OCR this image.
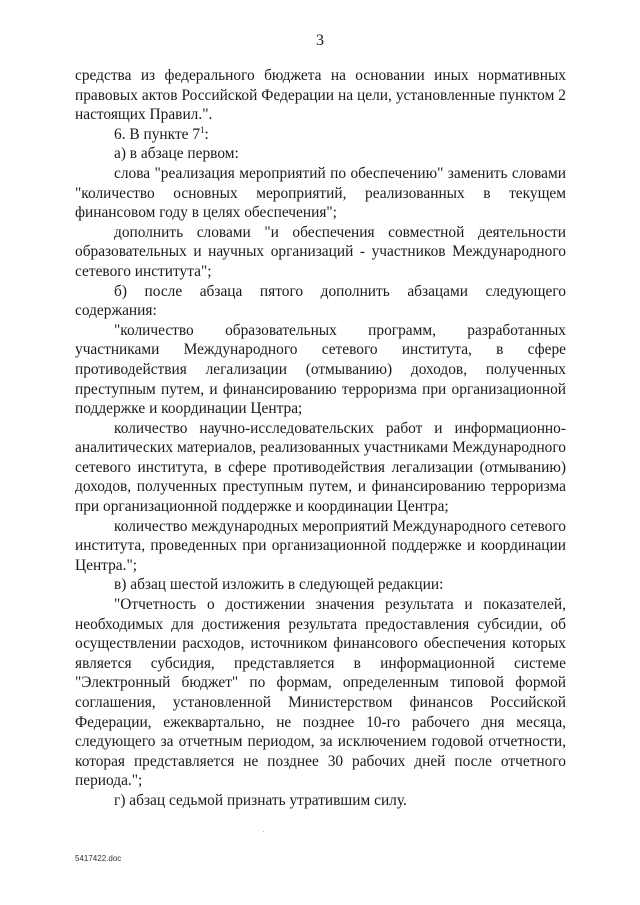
3

средства из федерального бюджета на основании иных нормативных правовых актов Российской Федерации на цели, установленные пунктом 2 настоящих Правил.".

6. В пункте $7^1$:

а) в абзаце первом:

слова "реализация мероприятий по обеспечению" заменить словами "количество основных мероприятий, реализованных в текущем финансовом году в целях обеспечения";

дополнить словами "и обеспечения совместной деятельности образовательных и научных организаций - участников Международного сетевого института";

б) после абзаца пятого дополнить абзацами следующего содержания:

"количество образовательных программ, разработанных участниками Международного сетевого института, в сфере противодействия легализации (отмыванию) доходов, полученных преступным путем, и финансированию терроризма при организационной поддержке и координации Центра;

количество научно-исследовательских работ и информационно-аналитических материалов, реализованных участниками Международного сетевого института, в сфере противодействия легализации (отмыванию) доходов, полученных преступным путем, и финансированию терроризма при организационной поддержке и координации Центра;

количество международных мероприятий Международного сетевого института, проведенных при организационной поддержке и координации Центра.";

в) абзац шестой изложить в следующей редакции:

"Отчетность о достижении значения результата и показателей, необходимых для достижения результата предоставления субсидии, об осуществлении расходов, источником финансового обеспечения которых является субсидия, представляется в информационной системе "Электронный бюджет" по формам, определенным типовой формой соглашения, установленной Министерством финансов Российской Федерации, ежеквартально, не позднее 10-го рабочего дня месяца, следующего за отчетным периодом, за исключением годовой отчетности, которая представляется не позднее 30 рабочих дней после отчетного периода.";

г) абзац седьмой признать утратившим силу.

5417422.doc
